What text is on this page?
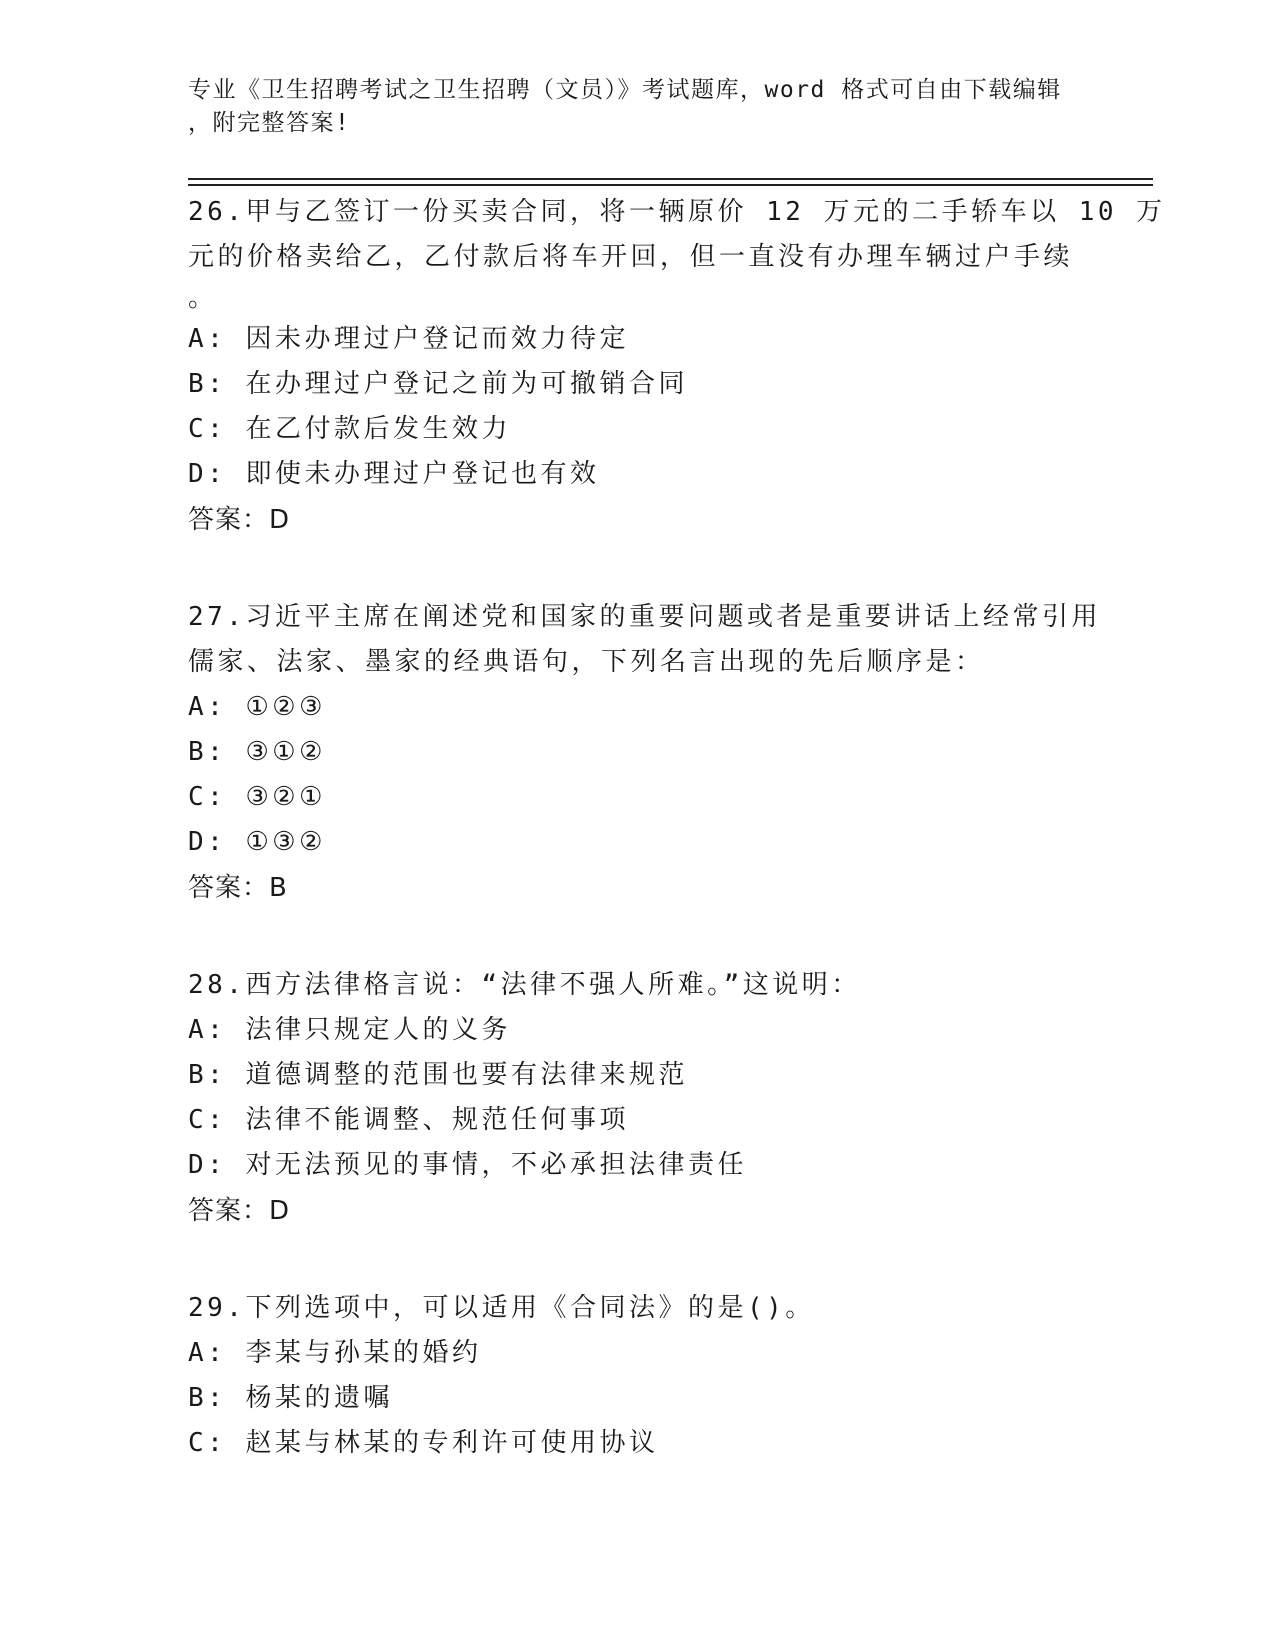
专业《卫生招聘考试之卫生招聘（文员）》考试题库，word 格式可自由下载编辑
，附完整答案!
26.甲与乙签订一份买卖合同，将一辆原价 12 万元的二手轿车以 10 万
元的价格卖给乙，乙付款后将车开回，但一直没有办理车辆过户手续
。
A: 因未办理过户登记而效力待定
B: 在办理过户登记之前为可撤销合同
C: 在乙付款后发生效力
D: 即使未办理过户登记也有效
答案：D
27.习近平主席在阐述党和国家的重要问题或者是重要讲话上经常引用
儒家、法家、墨家的经典语句，下列名言出现的先后顺序是：
A: ①②③
B: ③①②
C: ③②①
D: ①③②
答案：B
28.西方法律格言说：“法律不强人所难。”这说明：
A: 法律只规定人的义务
B: 道德调整的范围也要有法律来规范
C: 法律不能调整、规范任何事项
D: 对无法预见的事情，不必承担法律责任
答案：D
29.下列选项中，可以适用《合同法》的是()。
A: 李某与孙某的婚约
B: 杨某的遗嘱
C: 赵某与林某的专利许可使用协议
